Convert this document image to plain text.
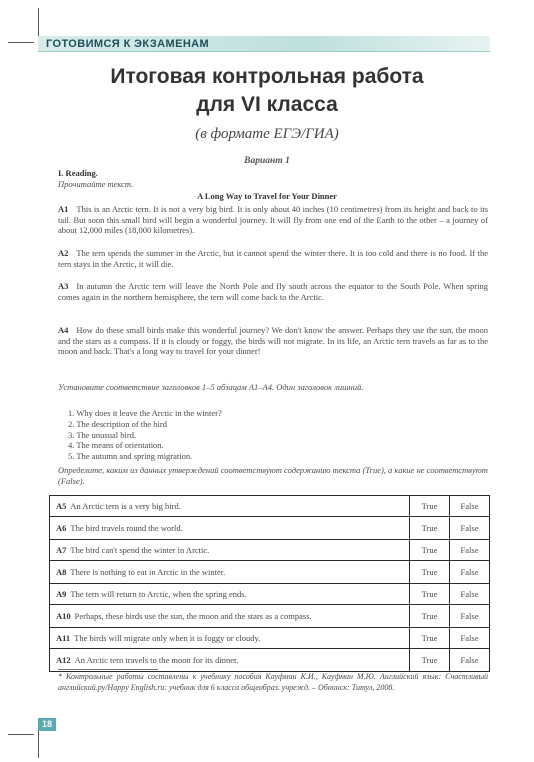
ГОТОВИМСЯ К ЭКЗАМЕНАМ
Итоговая контрольная работа
для VI класса
(в формате ЕГЭ/ГИА)
Вариант 1
I. Reading.
Прочитайте текст.
A Long Way to Travel for Your Dinner
A1 This is an Arctic tern. It is not a very big bird. It is only about 40 inches (10 centimetres) from its height and back to its tail. But soon this small bird will begin a wonderful journey. It will fly from one end of the Earth to the other – a journey of about 12,000 miles (18,000 kilometres).
A2 The tern spends the summer in the Arctic, but it cannot spend the winter there. It is too cold and there is no food. If the tern stays in the Arctic, it will die.
A3 In autumn the Arctic tern will leave the North Pole and fly south across the equator to the South Pole. When spring comes again in the northern hemisphere, the tern will come back to the Arctic.
A4 How do these small birds make this wonderful journey? We don't know the answer. Perhaps they use the sun, the moon and the stars as a compass. If it is cloudy or foggy, the birds will not migrate. In its life, an Arctic tern travels as far as to the moon and back. That's a long way to travel for your dinner!
Установите соответствие заголовков 1–5 абзацам А1–А4. Один заголовок лишний.
1. Why does it leave the Arctic in the winter?
2. The description of the bird
3. The unusual bird.
4. The means of orientation.
5. The autumn and spring migration.
Определите, каким из данных утверждений соответствуют содержанию текста (True), а какие не соответствуют (False).
A5 An Arctic tern is a very big bird.	True	False
A6 The bird travels round the world.	True	False
A7 The bird can't spend the winter in Arctic.	True	False
A8 There is nothing to eat in Arctic in the winter.	True	False
A9 The tern will return to Arctic, when the spring ends.	True	False
A10 Perhaps, these birds use the sun, the moon and the stars as a compass.	True	False
A11 The birds will migrate only when it is foggy or cloudy.	True	False
A12 An Arctic tern travels to the moon for its dinner.	True	False
* Контрольные работы составлены к учебнику пособия Кауфман К.И., Кауфман М.Ю. Английский язык: Счастливый английский.ру/Happy English.ru: учебник для 6 класса общеобраз. учрежд. – Обнинск: Титул, 2008.
18
